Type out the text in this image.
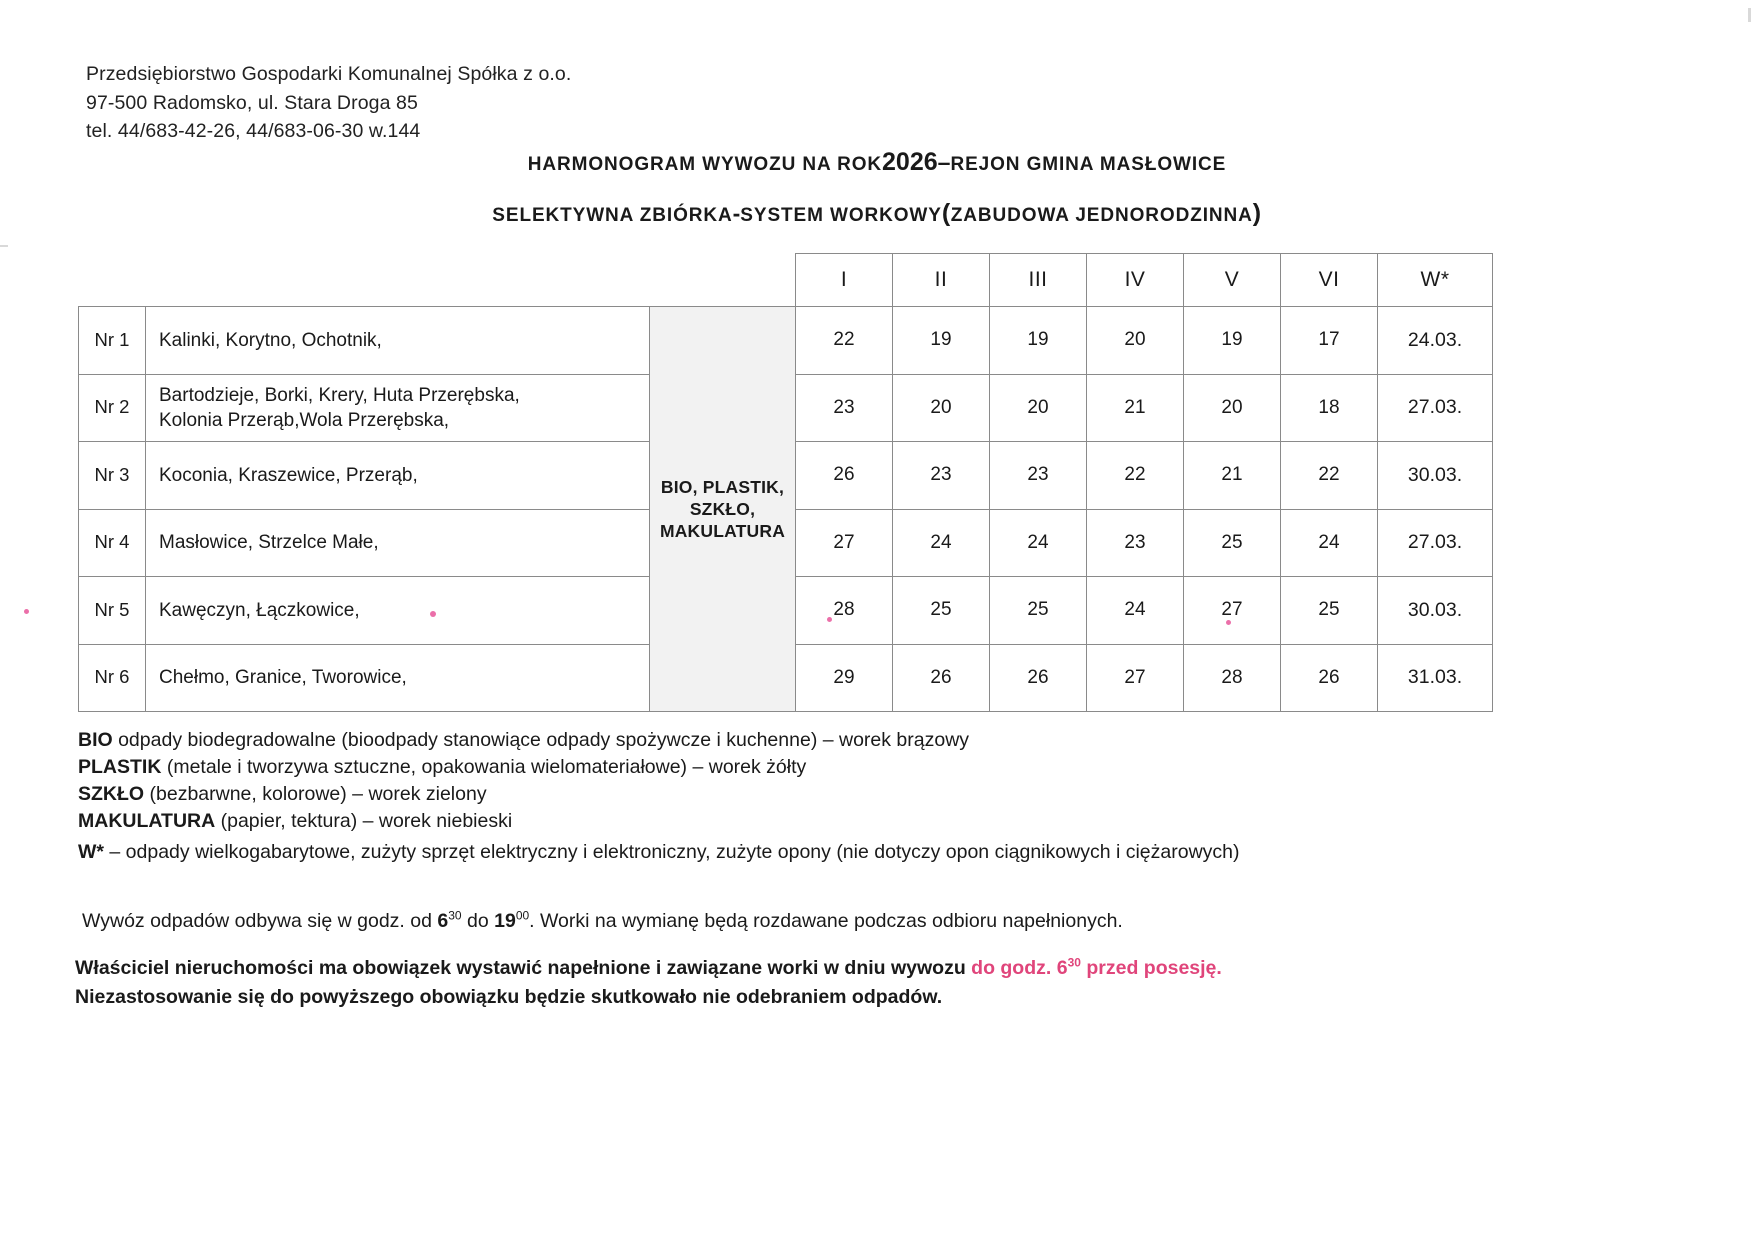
Przedsiębiorstwo Gospodarki Komunalnej Spółka z o.o.
97-500 Radomsko, ul. Stara Droga 85
tel. 44/683-42-26, 44/683-06-30 w.144
HARMONOGRAM WYWOZU NA ROK2026–REJON GMINA MASŁOWICE
SELEKTYWNA ZBIÓRKA-SYSTEM WORKOWY(ZABUDOWA JEDNORODZINNA)
			I	II	III	IV	V	VI	W*
Nr 1	Kalinki, Korytno, Ochotnik,	BIO, PLASTIK,
SZKŁO,
MAKULATURA	22	19	19	20	19	17	24.03.
Nr 2	Bartodzieje, Borki, Krery, Huta Przerębska,
Kolonia Przerąb,Wola Przerębska,		23	20	20	21	20	18	27.03.
Nr 3	Koconia, Kraszewice, Przerąb,		26	23	23	22	21	22	30.03.
Nr 4	Masłowice, Strzelce Małe,		27	24	24	23	25	24	27.03.
Nr 5	Kawęczyn, Łączkowice,		28	25	25	24	27	25	30.03.
Nr 6	Chełmo, Granice, Tworowice,		29	26	26	27	28	26	31.03.
BIO odpady biodegradowalne (bioodpady stanowiące odpady spożywcze i kuchenne) – worek brązowy
PLASTIK (metale i tworzywa sztuczne, opakowania wielomateriałowe) – worek żółty
SZKŁO (bezbarwne, kolorowe) – worek zielony
MAKULATURA (papier, tektura) – worek niebieski
W* – odpady wielkogabarytowe, zużyty sprzęt elektryczny i elektroniczny, zużyte opony (nie dotyczy opon ciągnikowych i ciężarowych)
Wywóz odpadów odbywa się w godz. od $6^{30}$ do $19^{00}$. Worki na wymianę będą rozdawane podczas odbioru napełnionych.
Właściciel nieruchomości ma obowiązek wystawić napełnione i zawiązane worki w dniu wywozu do godz. $6^{30}$ przed posesję.
Niezastosowanie się do powyższego obowiązku będzie skutkowało nie odebraniem odpadów.
